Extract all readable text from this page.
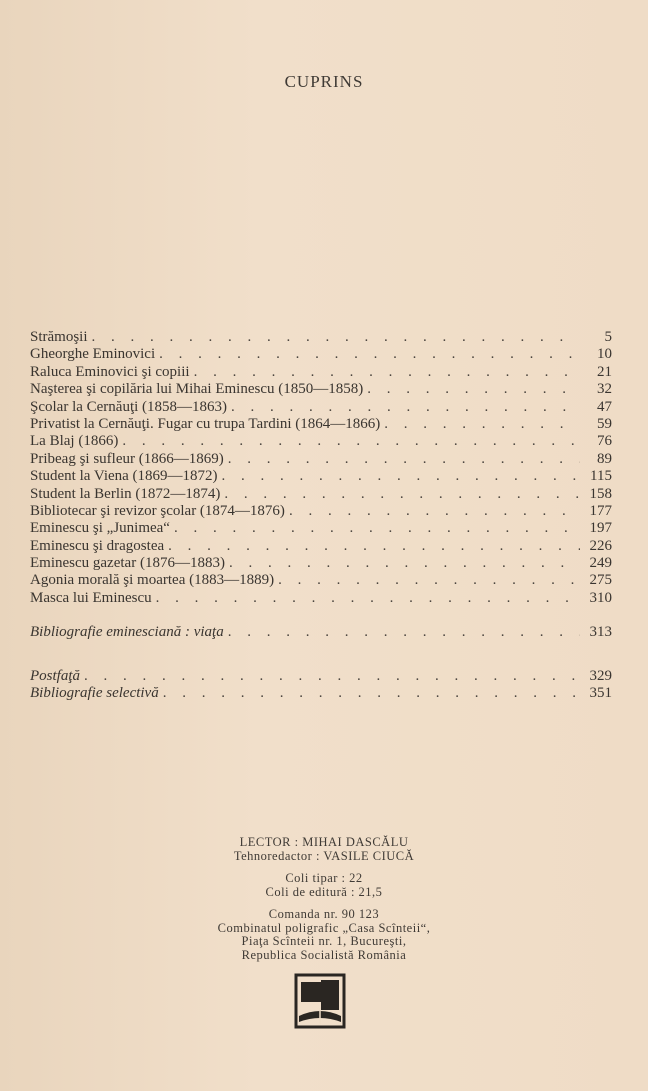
CUPRINS
Strămoşii . . .	5
Gheorghe Eminovici . . .	10
Raluca Eminovici şi copiii . . .	21
Naşterea şi copilăria lui Mihai Eminescu (1850—1858) . . .	32
Şcolar la Cernăuţi (1858—1863) . . .	47
Privatist la Cernăuţi. Fugar cu trupa Tardini (1864—1866) . . .	59
La Blaj (1866) . . .	76
Pribeag şi sufleur (1866—1869) . . .	89
Student la Viena (1869—1872) . . .	115
Student la Berlin (1872—1874) . . .	158
Bibliotecar şi revizor şcolar (1874—1876) . . .	177
Eminescu şi „Junimea“ . . .	197
Eminescu şi dragostea . . .	226
Eminescu gazetar (1876—1883) . . .	249
Agonia morală şi moartea (1883—1889) . . .	275
Masca lui Eminescu . . .	310
Bibliografie eminesciană : viaţa . . .	313
Postfaţă . . .	329
Bibliografie selectivă . . .	351
LECTOR : MIHAI DASCĂLU
Tehnoredactor : VASILE CIUCĂ
Coli tipar : 22
Coli de editură : 21,5
Comanda nr. 90 123
Combinatul poligrafic „Casa Scînteii“,
Piaţa Scînteii nr. 1, Bucureşti,
Republica Socialistă România
